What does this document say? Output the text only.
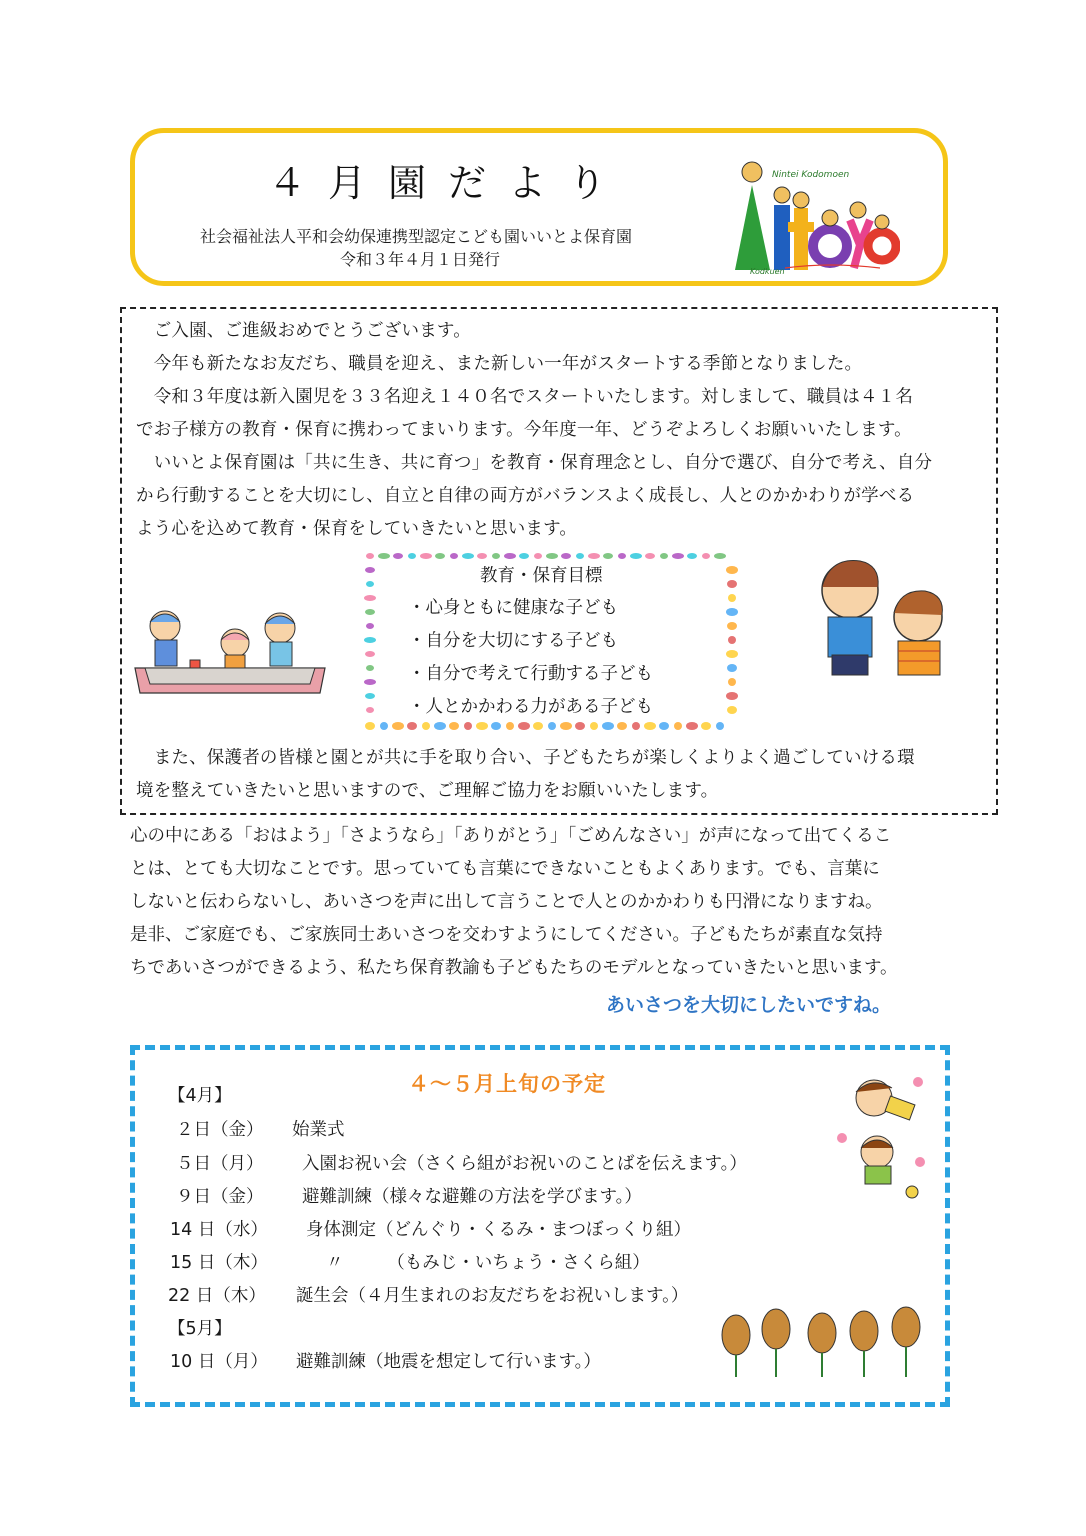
４月園だより
社会福祉法人平和会幼保連携型認定こども園いいとよ保育園
令和３年４月１日発行
Nintei Kodomoen
Kodkuen
　ご入園、ご進級おめでとうございます。
　今年も新たなお友だち、職員を迎え、また新しい一年がスタートする季節となりました。
　令和３年度は新入園児を３３名迎え１４０名でスタートいたします。対しまして、職員は４１名
でお子様方の教育・保育に携わってまいります。今年度一年、どうぞよろしくお願いいたします。
　いいとよ保育園は「共に生き、共に育つ」を教育・保育理念とし、自分で選び、自分で考え、自分
から行動することを大切にし、自立と自律の両方がバランスよく成長し、人とのかかわりが学べる
よう心を込めて教育・保育をしていきたいと思います。
教育・保育目標
・心身ともに健康な子ども
・自分を大切にする子ども
・自分で考えて行動する子ども
・人とかかわる力がある子ども
　また、保護者の皆様と園とが共に手を取り合い、子どもたちが楽しくよりよく過ごしていける環
境を整えていきたいと思いますので、ご理解ご協力をお願いいたします。
心の中にある「おはよう」「さようなら」「ありがとう」「ごめんなさい」が声になって出てくるこ
とは、とても大切なことです。思っていても言葉にできないこともよくあります。でも、言葉に
しないと伝わらないし、あいさつを声に出して言うことで人とのかかわりも円滑になりますね。
是非、ご家庭でも、ご家族同士あいさつを交わすようにしてください。子どもたちが素直な気持
ちであいさつができるよう、私たち保育教諭も子どもたちのモデルとなっていきたいと思います。
あいさつを大切にしたいですね。
４～５月上旬の予定
【4月】
２日（金） 始業式
５日（月） 入園お祝い会（さくら組がお祝いのことばを伝えます。）
９日（金） 避難訓練（様々な避難の方法を学びます。）
14 日（水） 身体測定（どんぐり・くるみ・まつぼっくり組）
15 日（木）	〃　　　（もみじ・いちょう・さくら組）
22 日（木） 誕生会（４月生まれのお友だちをお祝いします。）
【5月】
10 日（月） 避難訓練（地震を想定して行います。）
